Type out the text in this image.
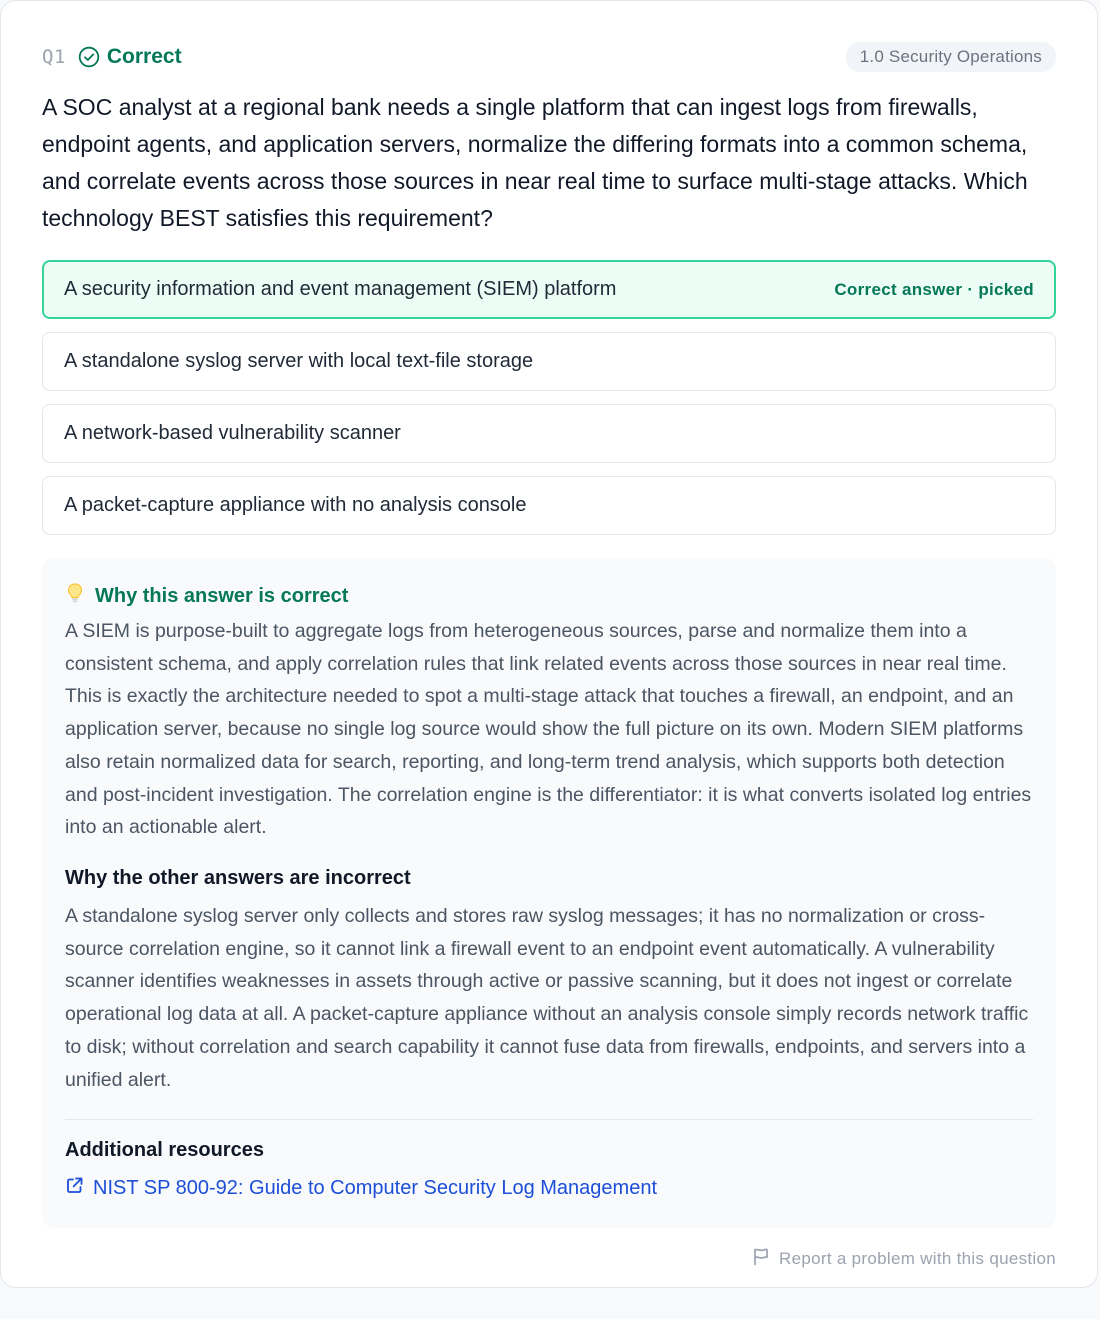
Q1 Correct	1.0 Security Operations

A SOC analyst at a regional bank needs a single platform that can ingest logs from firewalls, endpoint agents, and application servers, normalize the differing formats into a common schema, and correlate events across those sources in near real time to surface multi-stage attacks. Which technology BEST satisfies this requirement?

A security information and event management (SIEM) platform	Correct answer · picked
A standalone syslog server with local text-file storage
A network-based vulnerability scanner
A packet-capture appliance with no analysis console
Why this answer is correct

A SIEM is purpose-built to aggregate logs from heterogeneous sources, parse and normalize them into a consistent schema, and apply correlation rules that link related events across those sources in near real time. This is exactly the architecture needed to spot a multi-stage attack that touches a firewall, an endpoint, and an application server, because no single log source would show the full picture on its own. Modern SIEM platforms also retain normalized data for search, reporting, and long-term trend analysis, which supports both detection and post-incident investigation. The correlation engine is the differentiator: it is what converts isolated log entries into an actionable alert.

Why the other answers are incorrect

A standalone syslog server only collects and stores raw syslog messages; it has no normalization or cross-source correlation engine, so it cannot link a firewall event to an endpoint event automatically. A vulnerability scanner identifies weaknesses in assets through active or passive scanning, but it does not ingest or correlate operational log data at all. A packet-capture appliance without an analysis console simply records network traffic to disk; without correlation and search capability it cannot fuse data from firewalls, endpoints, and servers into a unified alert.

Additional resources
NIST SP 800-92: Guide to Computer Security Log Management
Report a problem with this question
